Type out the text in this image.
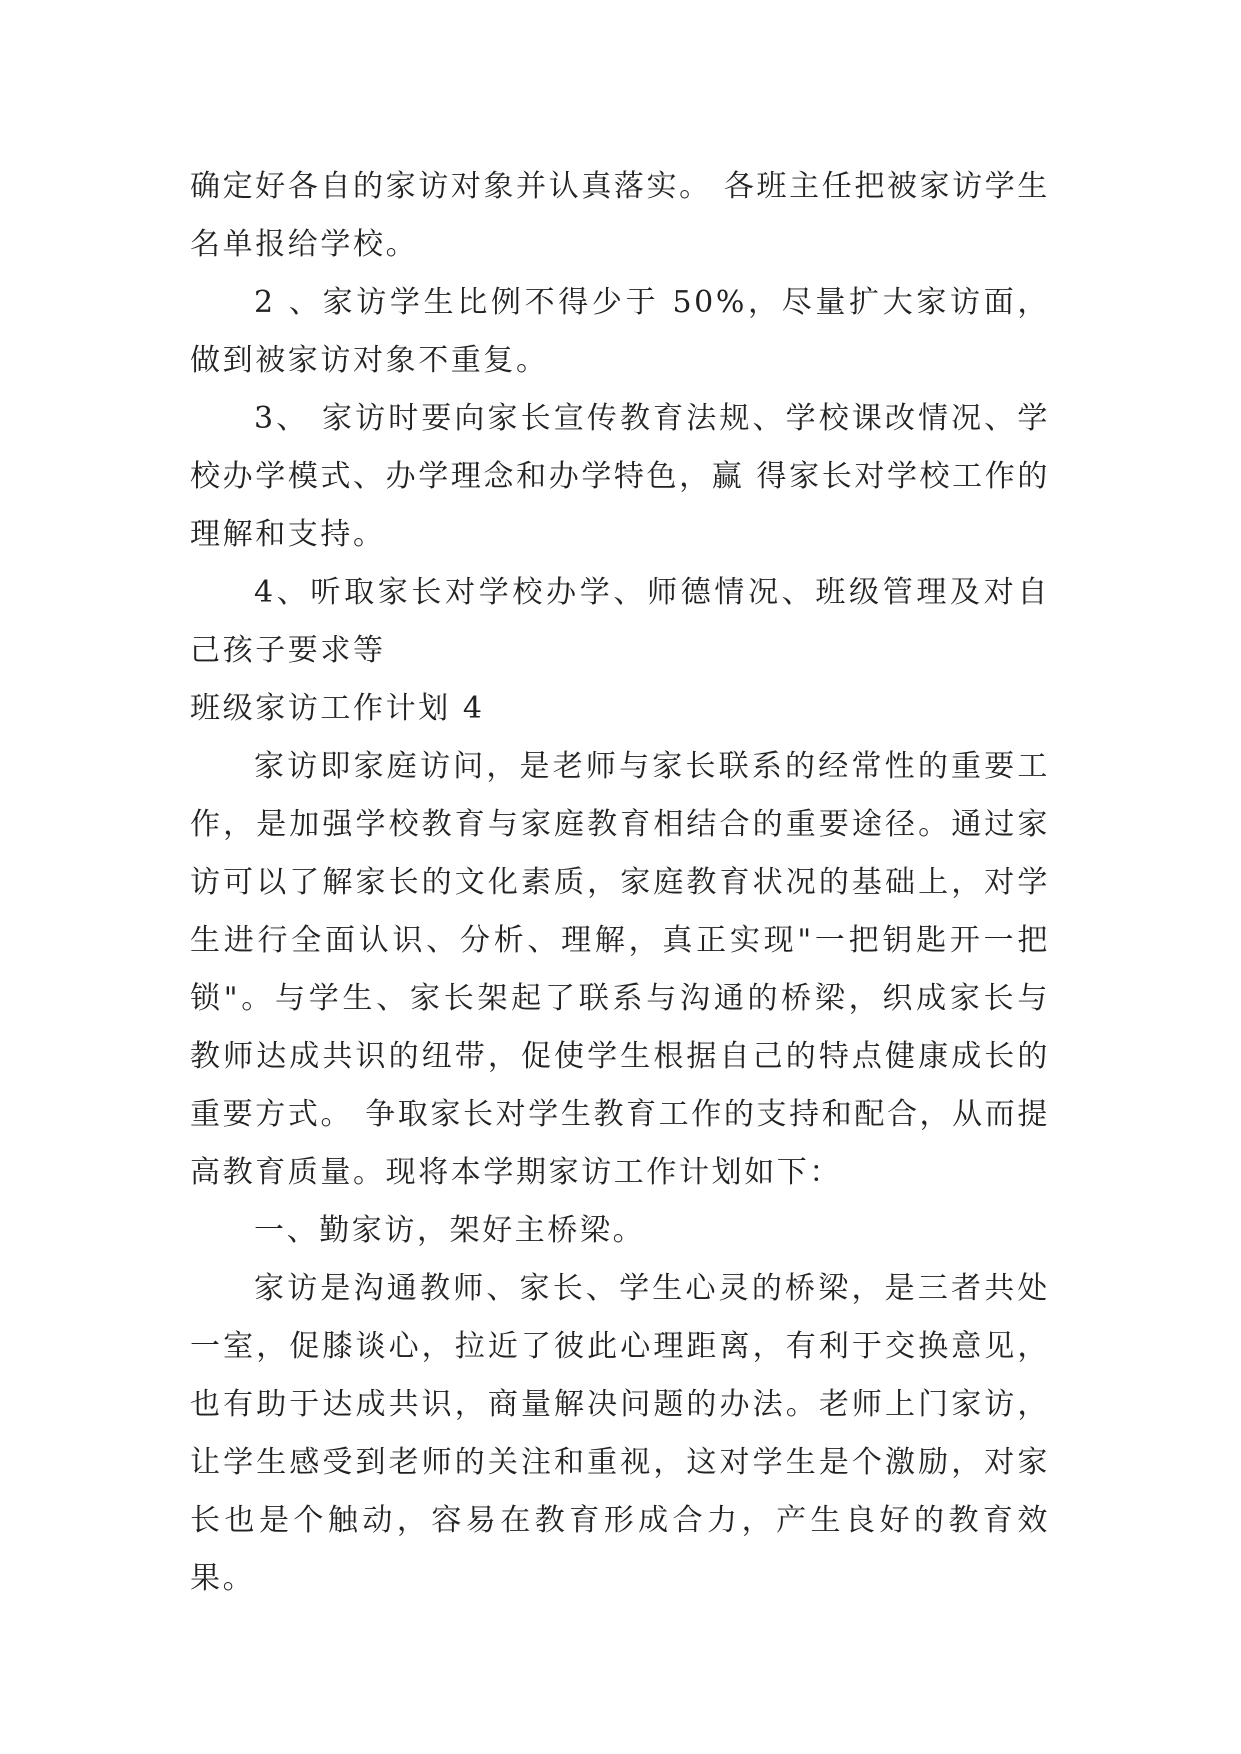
确定好各自的家访对象并认真落实。 各班主任把被家访学生名单报给学校。

2 、家访学生比例不得少于 50%，尽量扩大家访面，做到被家访对象不重复。

3、 家访时要向家长宣传教育法规、学校课改情况、学校办学模式、办学理念和办学特色，赢 得家长对学校工作的理解和支持。

4、听取家长对学校办学、师德情况、班级管理及对自己孩子要求等

班级家访工作计划 4

家访即家庭访问，是老师与家长联系的经常性的重要工作，是加强学校教育与家庭教育相结合的重要途径。通过家访可以了解家长的文化素质，家庭教育状况的基础上，对学生进行全面认识、分析、理解，真正实现"一把钥匙开一把锁"。与学生、家长架起了联系与沟通的桥梁，织成家长与教师达成共识的纽带，促使学生根据自己的特点健康成长的重要方式。 争取家长对学生教育工作的支持和配合，从而提高教育质量。现将本学期家访工作计划如下：

一、勤家访，架好主桥梁。

家访是沟通教师、家长、学生心灵的桥梁，是三者共处一室，促膝谈心，拉近了彼此心理距离，有利于交换意见，也有助于达成共识，商量解决问题的办法。老师上门家访，让学生感受到老师的关注和重视，这对学生是个激励，对家长也是个触动，容易在教育形成合力，产生良好的教育效果。
